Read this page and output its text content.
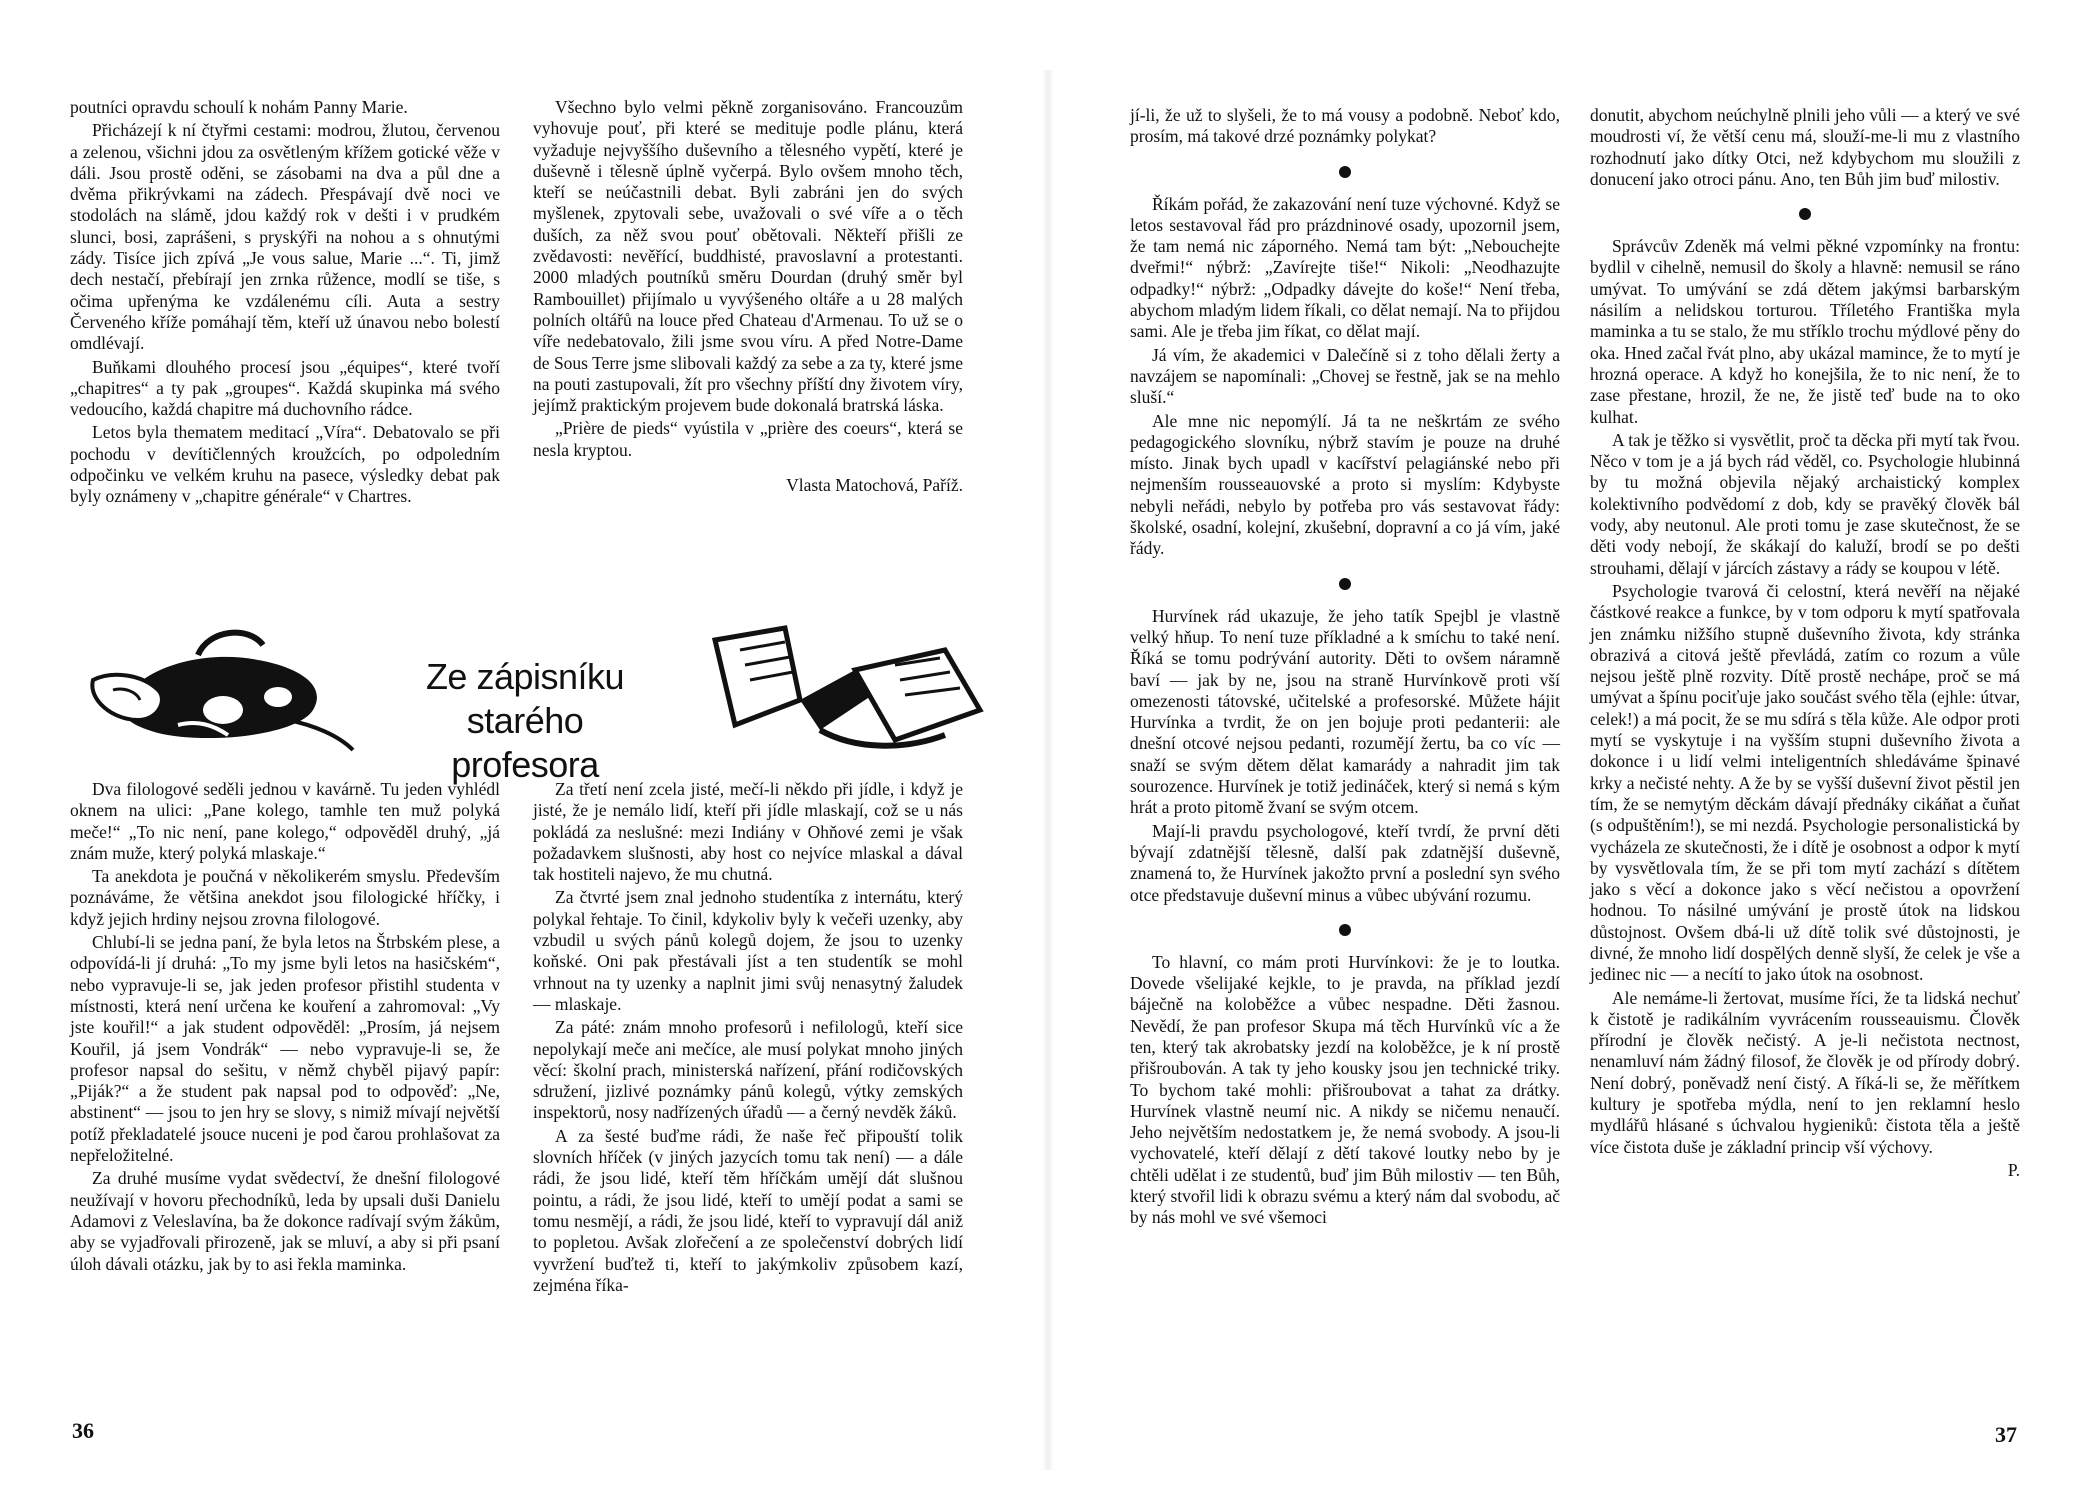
poutníci opravdu schoulí k nohám Panny Marie.

Přicházejí k ní čtyřmi cestami: modrou, žlutou, červenou a zelenou, všichni jdou za osvětleným křížem gotické věže v dáli. Jsou prostě oděni, se zásobami na dva a půl dne a dvěma přikrývkami na zádech. Přespávají dvě noci ve stodolách na slámě, jdou každý rok v dešti i v prudkém slunci, bosi, zaprášeni, s pryskýři na nohou a s ohnutými zády. Tisíce jich zpívá „Je vous salue, Marie ...“. Ti, jimž dech nestačí, přebírají jen zrnka růžence, modlí se tiše, s očima upřenýma ke vzdálenému cíli. Auta a sestry Červeného kříže pomáhají těm, kteří už únavou nebo bolestí omdlévají.

Buňkami dlouhého procesí jsou „équipes“, které tvoří „chapitres“ a ty pak „groupes“. Každá skupinka má svého vedoucího, každá chapitre má duchovního rádce.

Letos byla thematem meditací „Víra“. Debatovalo se při pochodu v devítičlenných kroužcích, po odpoledním odpočinku ve velkém kruhu na pasece, výsledky debat pak byly oznámeny v „chapitre générale“ v Chartres.

Všechno bylo velmi pěkně zorganisováno. Francouzům vyhovuje pouť, při které se medituje podle plánu, která vyžaduje nejvyššího duševního a tělesného vypětí, které je duševně i tělesně úplně vyčerpá. Bylo ovšem mnoho těch, kteří se neúčastnili debat. Byli zabráni jen do svých myšlenek, zpytovali sebe, uvažovali o své víře a o těch duších, za něž svou pouť obětovali. Někteří přišli ze zvědavosti: nevěřící, buddhisté, pravoslavní a protestanti. 2000 mladých poutníků směru Dourdan (druhý směr byl Rambouillet) přijímalo u vyvýšeného oltáře a u 28 malých polních oltářů na louce před Chateau d'Armenau. To už se o víře nedebatovalo, žili jsme svou víru. A před Notre-Dame de Sous Terre jsme slibovali každý za sebe a za ty, které jsme na pouti zastupovali, žít pro všechny příští dny životem víry, jejímž praktickým projevem bude dokonalá bratrská láska.

„Prière de pieds“ vyústila v „prière des coeurs“, která se nesla kryptou.

Vlasta Matochová, Paříž.

Ze zápisníku
starého profesora

Dva filologové seděli jednou v kavárně. Tu jeden vyhlédl oknem na ulici: „Pane kolego, tamhle ten muž polyká meče!“ „To nic není, pane kolego,“ odpověděl druhý, „já znám muže, který polyká mlaskaje.“

Ta anekdota je poučná v několikerém smyslu. Především poznáváme, že většina anekdot jsou filologické hříčky, i když jejich hrdiny nejsou zrovna filologové.

Chlubí-li se jedna paní, že byla letos na Štrbském plese, a odpovídá-li jí druhá: „To my jsme byli letos na hasičském“, nebo vypravuje-li se, jak jeden profesor přistihl studenta v místnosti, která není určena ke kouření a zahromoval: „Vy jste kouřil!“ a jak student odpověděl: „Prosím, já nejsem Kouřil, já jsem Vondrák“ — nebo vypravuje-li se, že profesor napsal do sešitu, v němž chyběl pijavý papír: „Piják?“ a že student pak napsal pod to odpověď: „Ne, abstinent“ — jsou to jen hry se slovy, s nimiž mívají největší potíž překladatelé jsouce nuceni je pod čarou prohlašovat za nepřeložitelné.

Za druhé musíme vydat svědectví, že dnešní filologové neužívají v hovoru přechodníků, leda by upsali duši Danielu Adamovi z Veleslavína, ba že dokonce radívají svým žákům, aby se vyjadřovali přirozeně, jak se mluví, a aby si při psaní úloh dávali otázku, jak by to asi řekla maminka.

Za třetí není zcela jisté, mečí-li někdo při jídle, i když je jisté, že je nemálo lidí, kteří při jídle mlaskají, což se u nás pokládá za neslušné: mezi Indiány v Ohňové zemi je však požadavkem slušnosti, aby host co nejvíce mlaskal a dával tak hostiteli najevo, že mu chutná.

Za čtvrté jsem znal jednoho studentíka z internátu, který polykal řehtaje. To činil, kdykoliv byly k večeři uzenky, aby vzbudil u svých pánů kolegů dojem, že jsou to uzenky koňské. Oni pak přestávali jíst a ten studentík se mohl vrhnout na ty uzenky a naplnit jimi svůj nenasytný žaludek — mlaskaje.

Za páté: znám mnoho profesorů i nefilologů, kteří sice nepolykají meče ani mečíce, ale musí polykat mnoho jiných věcí: školní prach, ministerská nařízení, přání rodičovských sdružení, jizlivé poznámky pánů kolegů, výtky zemských inspektorů, nosy nadřízených úřadů — a černý nevděk žáků.

A za šesté buďme rádi, že naše řeč připouští tolik slovních hříček (v jiných jazycích tomu tak není) — a dále rádi, že jsou lidé, kteří těm hříčkám umějí dát slušnou pointu, a rádi, že jsou lidé, kteří to umějí podat a sami se tomu nesmějí, a rádi, že jsou lidé, kteří to vypravují dál aniž to popletou. Avšak zlořečení a ze společenství dobrých lidí vyvržení buďtež ti, kteří to jakýmkoliv způsobem kazí, zejména říka-

36

jí-li, že už to slyšeli, že to má vousy a podobně. Neboť kdo, prosím, má takové drzé poznámky polykat?

Říkám pořád, že zakazování není tuze výchovné. Když se letos sestavoval řád pro prázdninové osady, upozornil jsem, že tam nemá nic záporného. Nemá tam být: „Nebouchejte dveřmi!“ nýbrž: „Zavírejte tiše!“ Nikoli: „Neodhazujte odpadky!“ nýbrž: „Odpadky dávejte do koše!“ Není třeba, abychom mladým lidem říkali, co dělat nemají. Na to přijdou sami. Ale je třeba jim říkat, co dělat mají.

Já vím, že akademici v Dalečíně si z toho dělali žerty a navzájem se napomínali: „Chovej se řestně, jak se na mehlo sluší.“

Ale mne nic nepomýlí. Já ta ne neškrtám ze svého pedagogického slovníku, nýbrž stavím je pouze na druhé místo. Jinak bych upadl v kacířství pelagiánské nebo při nejmenším rousseauovské a proto si myslím: Kdybyste nebyli neřádi, nebylo by potřeba pro vás sestavovat řády: školské, osadní, kolejní, zkušební, dopravní a co já vím, jaké řády.

Hurvínek rád ukazuje, že jeho tatík Spejbl je vlastně velký hňup. To není tuze příkladné a k smíchu to také není. Říká se tomu podrývání autority. Děti to ovšem náramně baví — jak by ne, jsou na straně Hurvínkově proti vší omezenosti tátovské, učitelské a profesorské. Můžete hájit Hurvínka a tvrdit, že on jen bojuje proti pedanterii: ale dnešní otcové nejsou pedanti, rozumějí žertu, ba co víc — snaží se svým dětem dělat kamarády a nahradit jim tak sourozence. Hurvínek je totiž jedináček, který si nemá s kým hrát a proto pitomě žvaní se svým otcem.

Mají-li pravdu psychologové, kteří tvrdí, že první děti bývají zdatnější tělesně, další pak zdatnější duševně, znamená to, že Hurvínek jakožto první a poslední syn svého otce představuje duševní minus a vůbec ubývání rozumu.

To hlavní, co mám proti Hurvínkovi: že je to loutka. Dovede všelijaké kejkle, to je pravda, na příklad jezdí báječně na koloběžce a vůbec nespadne. Děti žasnou. Nevědí, že pan profesor Skupa má těch Hurvínků víc a že ten, který tak akrobatsky jezdí na koloběžce, je k ní prostě přišroubován. A tak ty jeho kousky jsou jen technické triky. To bychom také mohli: přišroubovat a tahat za drátky. Hurvínek vlastně neumí nic. A nikdy se ničemu nenaučí. Jeho největším nedostatkem je, že nemá svobody. A jsou-li vychovatelé, kteří dělají z dětí takové loutky nebo by je chtěli udělat i ze studentů, buď jim Bůh milostiv — ten Bůh, který stvořil lidi k obrazu svému a který nám dal svobodu, ač by nás mohl ve své všemoci

donutit, abychom neúchylně plnili jeho vůli — a který ve své moudrosti ví, že větší cenu má, slouží-me-li mu z vlastního rozhodnutí jako dítky Otci, než kdybychom mu sloužili z donucení jako otroci pánu. Ano, ten Bůh jim buď milostiv.

Správcův Zdeněk má velmi pěkné vzpomínky na frontu: bydlil v cihelně, nemusil do školy a hlavně: nemusil se ráno umývat. To umývání se zdá dětem jakýmsi barbarským násilím a nelidskou torturou. Tříletého Františka myla maminka a tu se stalo, že mu stříklo trochu mýdlové pěny do oka. Hned začal řvát plno, aby ukázal mamince, že to mytí je hrozná operace. A když ho konejšila, že to nic není, že to zase přestane, hrozil, že ne, že jistě teď bude na to oko kulhat.

A tak je těžko si vysvětlit, proč ta děcka při mytí tak řvou. Něco v tom je a já bych rád věděl, co. Psychologie hlubinná by tu možná objevila nějaký archaistický komplex kolektivního podvědomí z dob, kdy se pravěký člověk bál vody, aby neutonul. Ale proti tomu je zase skutečnost, že se děti vody nebojí, že skákají do kaluží, brodí se po dešti strouhami, dělají v járcích zástavy a rády se koupou v létě.

Psychologie tvarová či celostní, která nevěří na nějaké částkové reakce a funkce, by v tom odporu k mytí spatřovala jen známku nižšího stupně duševního života, kdy stránka obrazivá a citová ještě převládá, zatím co rozum a vůle nejsou ještě plně rozvity. Dítě prostě nechápe, proč se má umývat a špínu pociťuje jako součást svého těla (ejhle: útvar, celek!) a má pocit, že se mu sdírá s těla kůže. Ale odpor proti mytí se vyskytuje i na vyšším stupni duševního života a dokonce i u lidí velmi inteligentních shledáváme špinavé krky a nečisté nehty. A že by se vyšší duševní život pěstil jen tím, že se nemytým děckám dávají přednáky cikáňat a čuňat (s odpuštěním!), se mi nezdá. Psychologie personalistická by vycházela ze skutečnosti, že i dítě je osobnost a odpor k mytí by vysvětlovala tím, že se při tom mytí zachází s dítětem jako s věcí a dokonce jako s věcí nečistou a opovržení hodnou. To násilné umývání je prostě útok na lidskou důstojnost. Ovšem dbá-li už dítě tolik své důstojnosti, je divné, že mnoho lidí dospělých denně slyší, že celek je vše a jedinec nic — a necítí to jako útok na osobnost.

Ale nemáme-li žertovat, musíme říci, že ta lidská nechuť k čistotě je radikálním vyvrácením rousseauismu. Člověk přírodní je člověk nečistý. A je-li nečistota nectnost, nenamluví nám žádný filosof, že člověk je od přírody dobrý. Není dobrý, poněvadž není čistý. A říká-li se, že měřítkem kultury je spotřeba mýdla, není to jen reklamní heslo mydlářů hlásané s úchvalou hygieniků: čistota těla a ještě více čistota duše je základní princip vší výchovy.

P.

37
